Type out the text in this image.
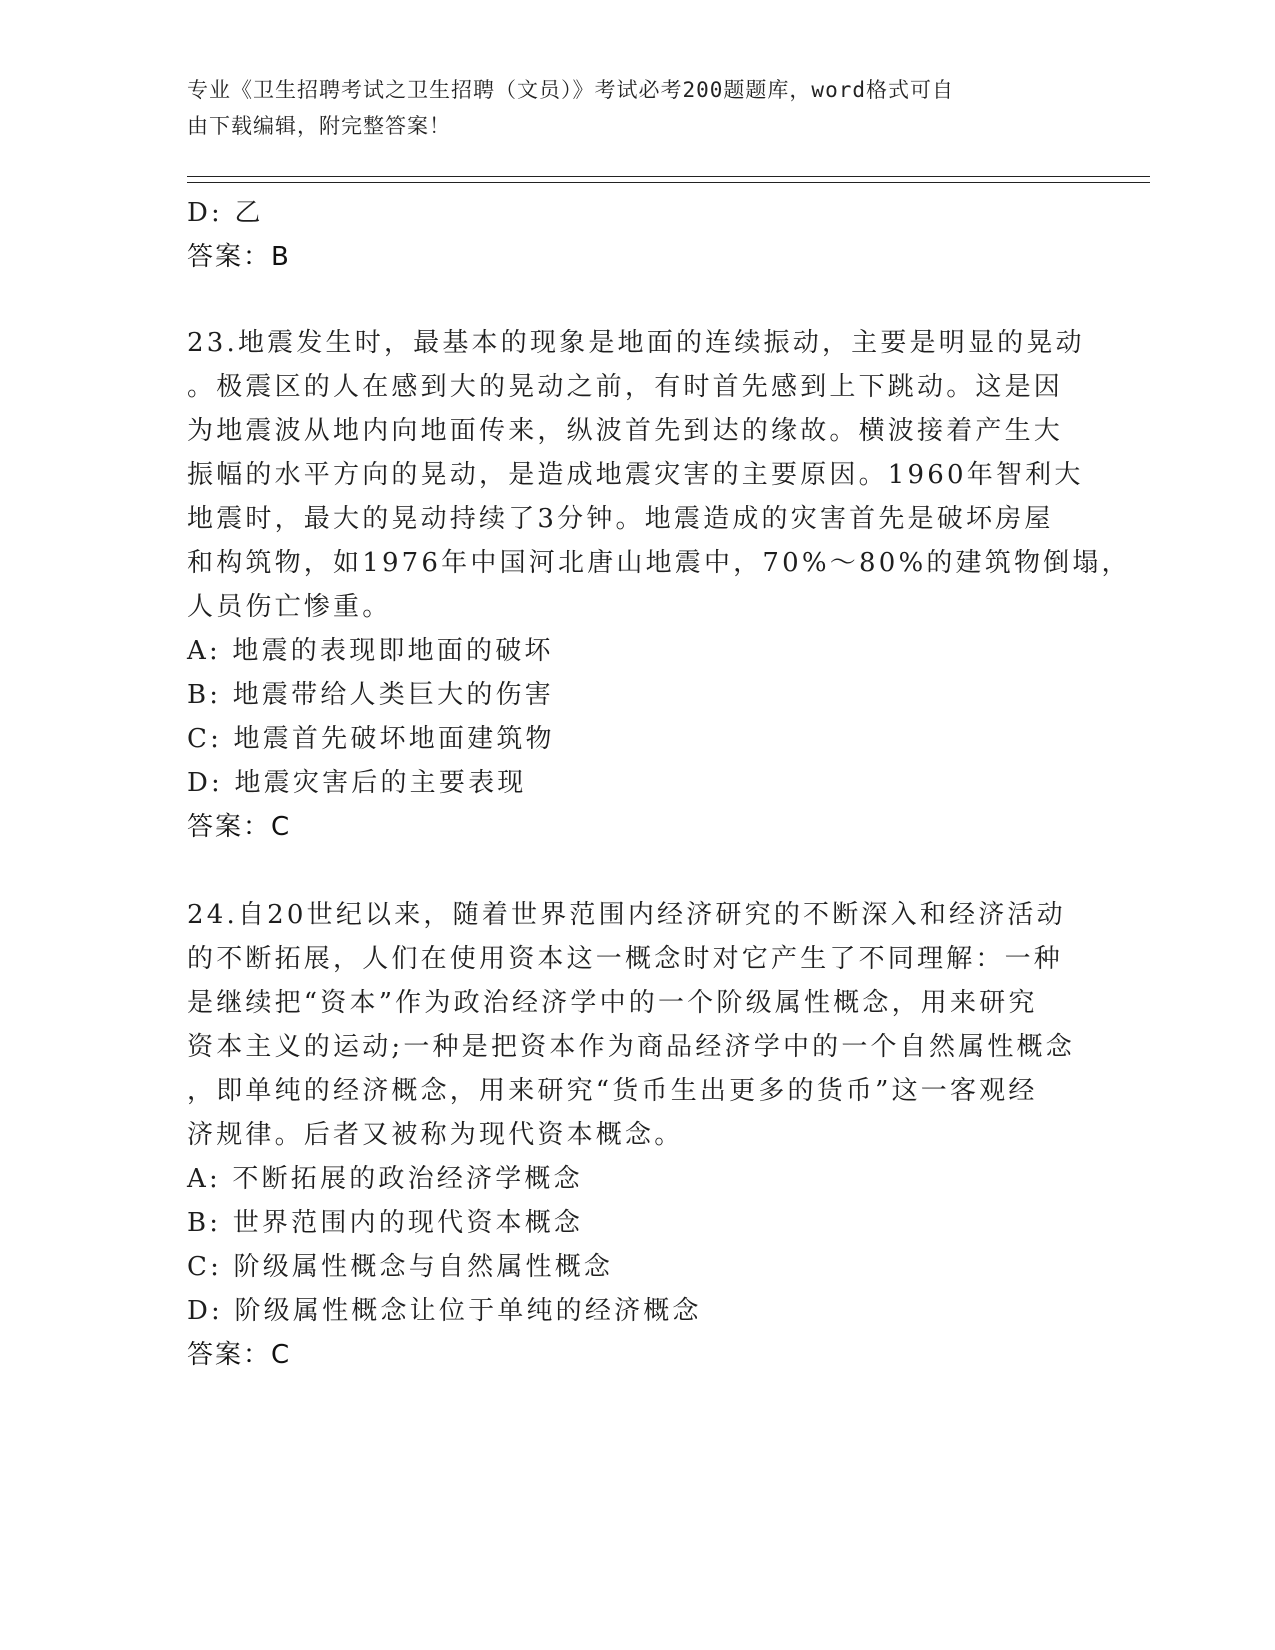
专业《卫生招聘考试之卫生招聘（文员）》考试必考200题题库，word格式可自
由下载编辑，附完整答案！
D: 乙
答案：B
23.地震发生时，最基本的现象是地面的连续振动，主要是明显的晃动
。极震区的人在感到大的晃动之前，有时首先感到上下跳动。这是因
为地震波从地内向地面传来，纵波首先到达的缘故。横波接着产生大
振幅的水平方向的晃动，是造成地震灾害的主要原因。1960年智利大
地震时，最大的晃动持续了3分钟。地震造成的灾害首先是破坏房屋
和构筑物，如1976年中国河北唐山地震中，70%～80%的建筑物倒塌，
人员伤亡惨重。
A: 地震的表现即地面的破坏
B: 地震带给人类巨大的伤害
C: 地震首先破坏地面建筑物
D: 地震灾害后的主要表现
答案：C
24.自20世纪以来，随着世界范围内经济研究的不断深入和经济活动
的不断拓展，人们在使用资本这一概念时对它产生了不同理解：一种
是继续把“资本”作为政治经济学中的一个阶级属性概念，用来研究
资本主义的运动;一种是把资本作为商品经济学中的一个自然属性概念
，即单纯的经济概念，用来研究“货币生出更多的货币”这一客观经
济规律。后者又被称为现代资本概念。
A: 不断拓展的政治经济学概念
B: 世界范围内的现代资本概念
C: 阶级属性概念与自然属性概念
D: 阶级属性概念让位于单纯的经济概念
答案：C
